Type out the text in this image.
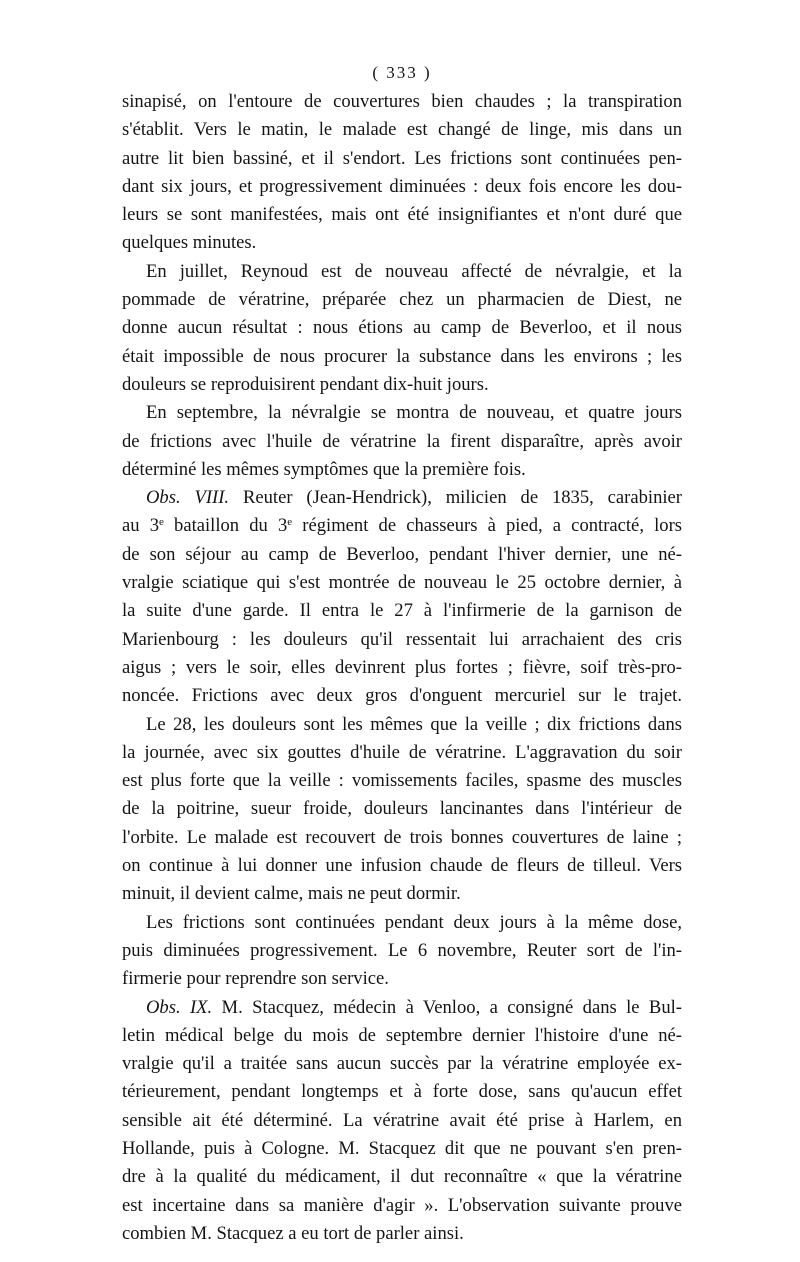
( 333 )
sinapisé, on l'entoure de couvertures bien chaudes ; la transpiration
s'établit. Vers le matin, le malade est changé de linge, mis dans un
autre lit bien bassiné, et il s'endort. Les frictions sont continuées pen-
dant six jours, et progressivement diminuées : deux fois encore les dou-
leurs se sont manifestées, mais ont été insignifiantes et n'ont duré que
quelques minutes.
En juillet, Reynoud est de nouveau affecté de névralgie, et la
pommade de vératrine, préparée chez un pharmacien de Diest, ne
donne aucun résultat : nous étions au camp de Beverloo, et il nous
était impossible de nous procurer la substance dans les environs ; les
douleurs se reproduisirent pendant dix-huit jours.
En septembre, la névralgie se montra de nouveau, et quatre jours
de frictions avec l'huile de vératrine la firent disparaître, après avoir
déterminé les mêmes symptômes que la première fois.
Obs. VIII. Reuter (Jean-Hendrick), milicien de 1835, carabinier
au 3e bataillon du 3e régiment de chasseurs à pied, a contracté, lors
de son séjour au camp de Beverloo, pendant l'hiver dernier, une né-
vralgie sciatique qui s'est montrée de nouveau le 25 octobre dernier, à
la suite d'une garde. Il entra le 27 à l'infirmerie de la garnison de
Marienbourg : les douleurs qu'il ressentait lui arrachaient des cris
aigus ; vers le soir, elles devinrent plus fortes ; fièvre, soif très-pro-
noncée. Frictions avec deux gros d'onguent mercuriel sur le trajet.
Le 28, les douleurs sont les mêmes que la veille ; dix frictions dans
la journée, avec six gouttes d'huile de vératrine. L'aggravation du soir
est plus forte que la veille : vomissements faciles, spasme des muscles
de la poitrine, sueur froide, douleurs lancinantes dans l'intérieur de
l'orbite. Le malade est recouvert de trois bonnes couvertures de laine ;
on continue à lui donner une infusion chaude de fleurs de tilleul. Vers
minuit, il devient calme, mais ne peut dormir.
Les frictions sont continuées pendant deux jours à la même dose,
puis diminuées progressivement. Le 6 novembre, Reuter sort de l'in-
firmerie pour reprendre son service.
Obs. IX. M. Stacquez, médecin à Venloo, a consigné dans le Bul-
letin médical belge du mois de septembre dernier l'histoire d'une né-
vralgie qu'il a traitée sans aucun succès par la vératrine employée ex-
térieurement, pendant longtemps et à forte dose, sans qu'aucun effet
sensible ait été déterminé. La vératrine avait été prise à Harlem, en
Hollande, puis à Cologne. M. Stacquez dit que ne pouvant s'en pren-
dre à la qualité du médicament, il dut reconnaître « que la vératrine
est incertaine dans sa manière d'agir ». L'observation suivante prouve
combien M. Stacquez a eu tort de parler ainsi.
